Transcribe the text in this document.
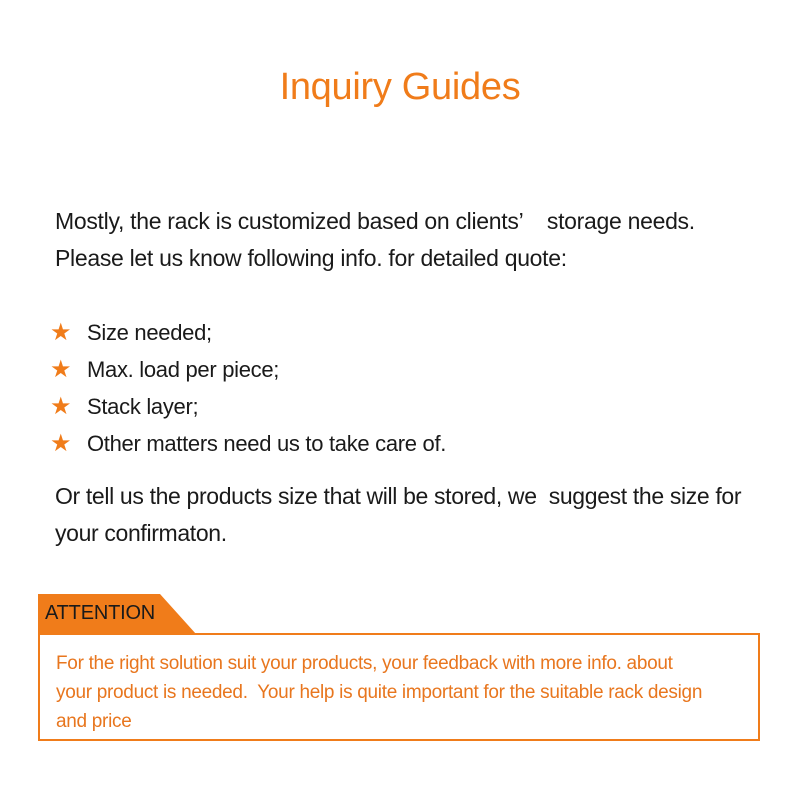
Inquiry Guides
Mostly, the rack is customized based on clients’    storage needs.
Please let us know following info. for detailed quote:
★ Size needed;
★ Max. load per piece;
★ Stack layer;
★ Other matters need us to take care of.
Or tell us the products size that will be stored, we  suggest the size for
your confirmaton.
ATTENTION
For the right solution suit your products, your feedback with more info. about
your product is needed.  Your help is quite important for the suitable rack design
and price
